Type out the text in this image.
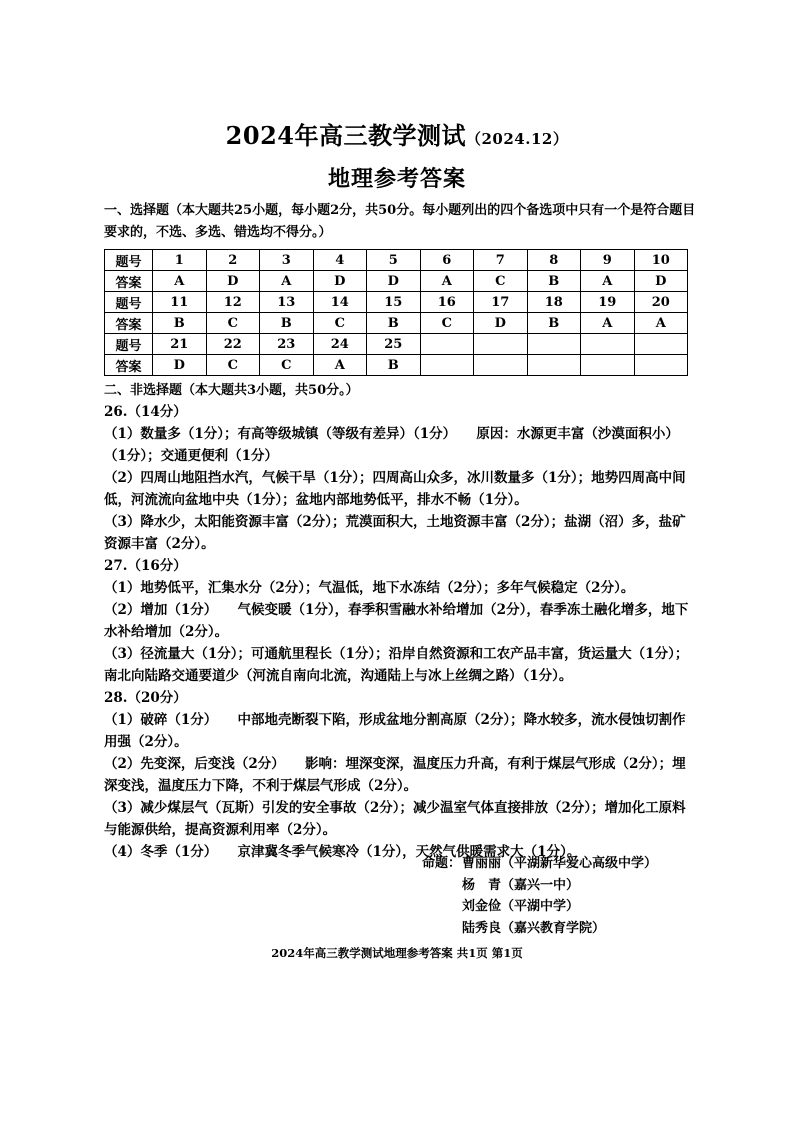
2024年高三教学测试（2024.12）
地理参考答案
一、选择题（本大题共25小题，每小题2分，共50分。每小题列出的四个备选项中只有一个是符合题目要求的，不选、多选、错选均不得分。）
题号	1	2	3	4	5	6	7	8	9	10
答案	A	D	A	D	D	A	C	B	A	D
题号	11	12	13	14	15	16	17	18	19	20
答案	B	C	B	C	B	C	D	B	A	A
题号	21	22	23	24	25					
答案	D	C	C	A	B					
二、非选择题（本大题共3小题，共50分。）

26.（14分）

（1）数量多（1分）；有高等级城镇（等级有差异）（1分）　　原因：水源更丰富（沙漠面积小）（1分）；交通更便利（1分）

（2）四周山地阻挡水汽，气候干旱（1分）；四周高山众多，冰川数量多（1分）；地势四周高中间低，河流流向盆地中央（1分）；盆地内部地势低平，排水不畅（1分）。

（3）降水少，太阳能资源丰富（2分）；荒漠面积大，土地资源丰富（2分）；盐湖（沼）多，盐矿资源丰富（2分）。

27.（16分）

（1）地势低平，汇集水分（2分）；气温低，地下水冻结（2分）；多年气候稳定（2分）。

（2）增加（1分）　　气候变暖（1分），春季积雪融水补给增加（2分），春季冻土融化增多，地下水补给增加（2分）。

（3）径流量大（1分）；可通航里程长（1分）；沿岸自然资源和工农产品丰富，货运量大（1分）；南北向陆路交通要道少（河流自南向北流，沟通陆上与冰上丝绸之路）（1分）。

28.（20分）

（1）破碎（1分）　　中部地壳断裂下陷，形成盆地分割高原（2分）；降水较多，流水侵蚀切割作用强（2分）。

（2）先变深，后变浅（2分）　　影响：埋深变深，温度压力升高，有利于煤层气形成（2分）；埋深变浅，温度压力下降，不利于煤层气形成（2分）。

（3）减少煤层气（瓦斯）引发的安全事故（2分）；减少温室气体直接排放（2分）；增加化工原料与能源供给，提高资源利用率（2分）。

（4）冬季（1分）　　京津冀冬季气候寒冷（1分），天然气供暖需求大（1分）。

命题： 曹丽丽（平湖新华爱心高级中学）
杨　青（嘉兴一中）
刘金俭（平湖中学）
陆秀良（嘉兴教育学院）
2024年高三教学测试地理参考答案 共1页 第1页
